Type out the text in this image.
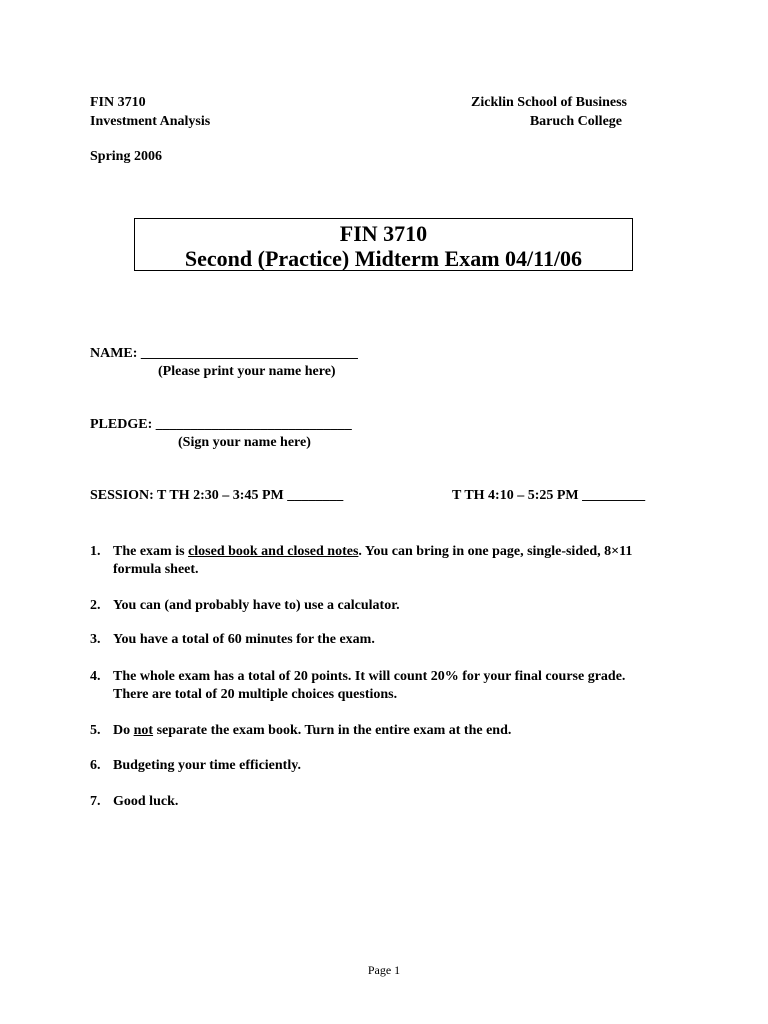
FIN 3710
Investment Analysis
Spring 2006
Zicklin School of Business
Baruch College
FIN 3710
Second (Practice) Midterm Exam 04/11/06
NAME: _______________________________
(Please print your name here)
PLEDGE: ____________________________
(Sign your name here)
SESSION: T TH 2:30 – 3:45 PM ________	T TH 4:10 – 5:25 PM _________
1. The exam is closed book and closed notes. You can bring in one page, single-sided, 8×11
formula sheet.
2. You can (and probably have to) use a calculator.
3. You have a total of 60 minutes for the exam.
4. The whole exam has a total of 20 points. It will count 20% for your final course grade.
There are total of 20 multiple choices questions.
5. Do not separate the exam book. Turn in the entire exam at the end.
6. Budgeting your time efficiently.
7. Good luck.
Page 1
